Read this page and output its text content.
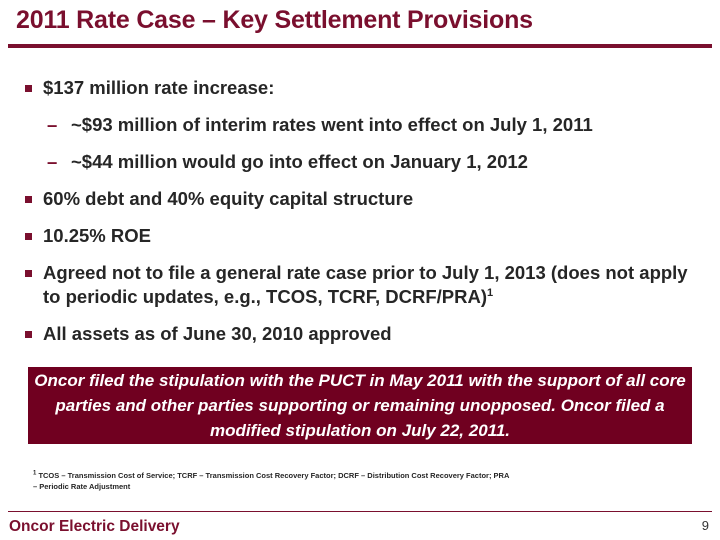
2011 Rate Case – Key Settlement Provisions
$137 million rate increase:
– ~$93 million of interim rates went into effect on July 1, 2011
– ~$44 million would go into effect on January 1, 2012
60% debt and 40% equity capital structure
10.25% ROE
Agreed not to file a general rate case prior to July 1, 2013 (does not apply to periodic updates, e.g., TCOS, TCRF, DCRF/PRA)$^1$
All assets as of June 30, 2010 approved
Oncor filed the stipulation with the PUCT in May 2011 with the support of all core parties and other parties supporting or remaining unopposed. Oncor filed a modified stipulation on July 22, 2011.
$^1$ TCOS – Transmission Cost of Service; TCRF – Transmission Cost Recovery Factor; DCRF – Distribution Cost Recovery Factor; PRA – Periodic Rate Adjustment
Oncor Electric Delivery	9
